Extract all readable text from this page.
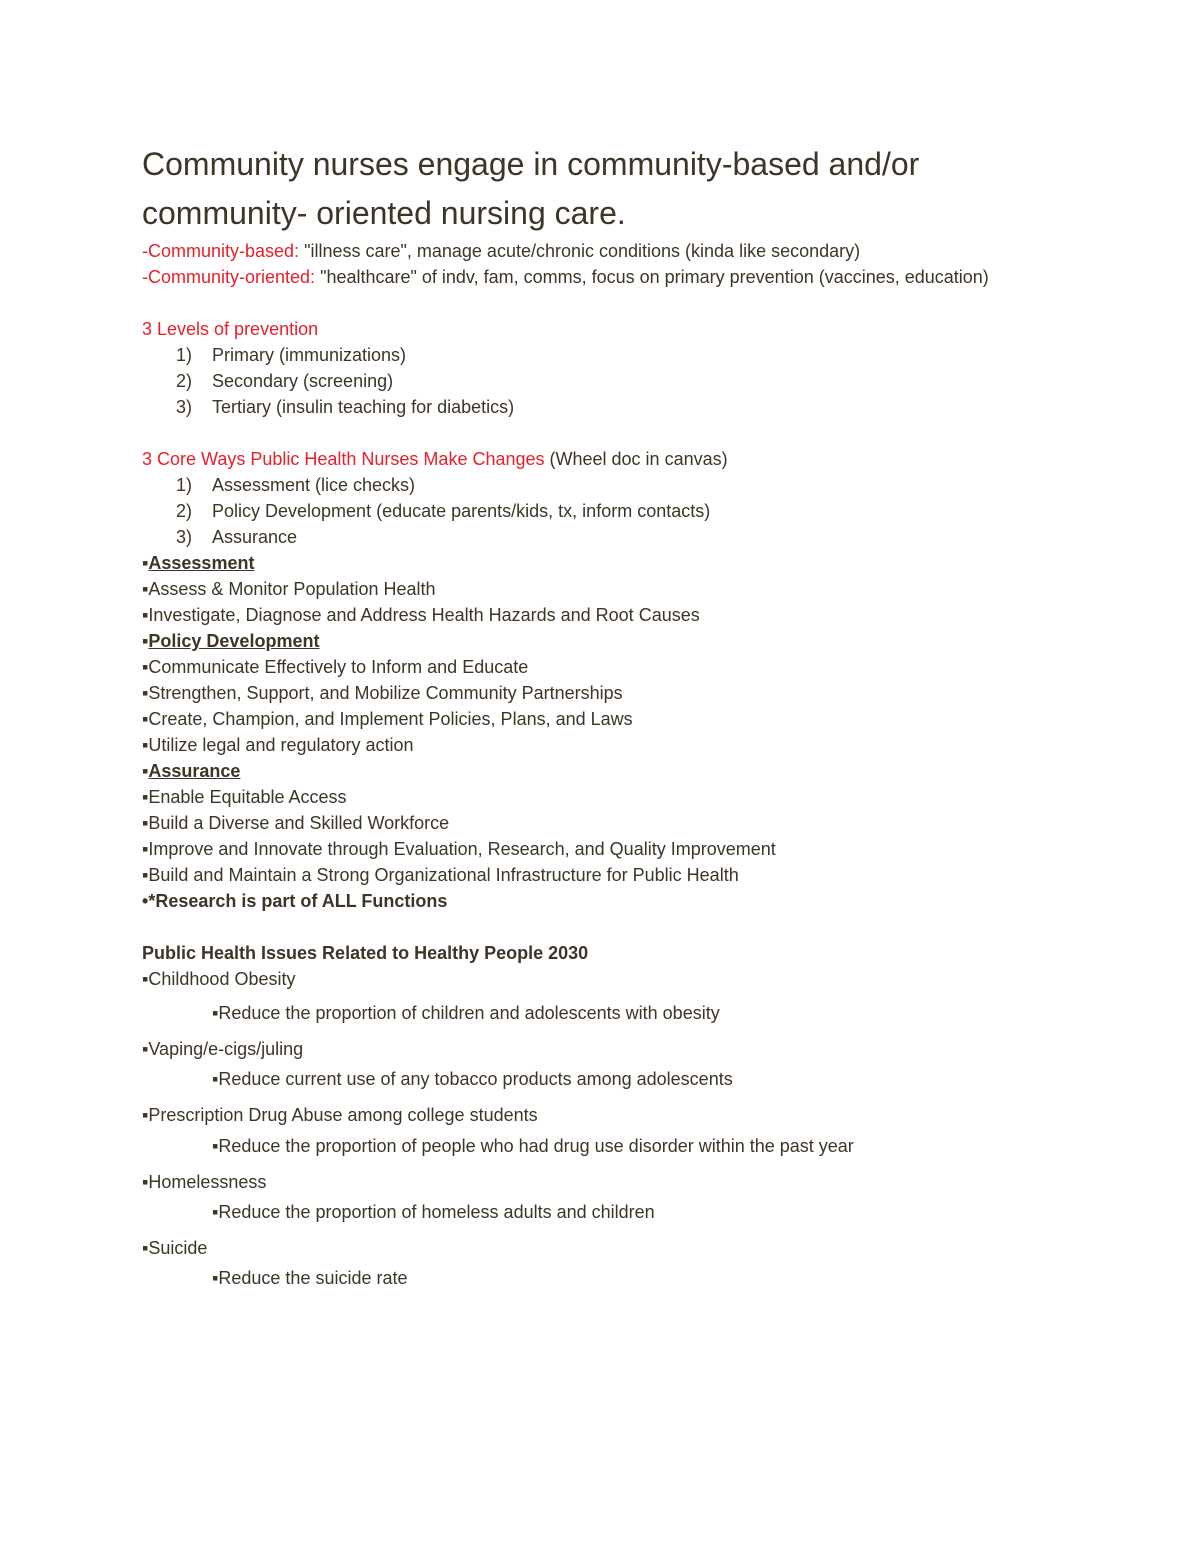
Community nurses engage in community-based and/or community- oriented nursing care.
-Community-based: "illness care", manage acute/chronic conditions (kinda like secondary)
-Community-oriented: "healthcare" of indv, fam, comms, focus on primary prevention (vaccines, education)
3 Levels of prevention
1) Primary (immunizations)
2) Secondary (screening)
3) Tertiary (insulin teaching for diabetics)
3 Core Ways Public Health Nurses Make Changes (Wheel doc in canvas)
1) Assessment (lice checks)
2) Policy Development (educate parents/kids, tx, inform contacts)
3) Assurance
▪Assessment
▪Assess & Monitor Population Health
▪Investigate, Diagnose and Address Health Hazards and Root Causes
▪Policy Development
▪Communicate Effectively to Inform and Educate
▪Strengthen, Support, and Mobilize Community Partnerships
▪Create, Champion, and Implement Policies, Plans, and Laws
▪Utilize legal and regulatory action
▪Assurance
▪Enable Equitable Access
▪Build a Diverse and Skilled Workforce
▪Improve and Innovate through Evaluation, Research, and Quality Improvement
▪Build and Maintain a Strong Organizational Infrastructure for Public Health
•*Research is part of ALL Functions
Public Health Issues Related to Healthy People 2030
▪Childhood Obesity
▪Reduce the proportion of children and adolescents with obesity
▪Vaping/e-cigs/juling
▪Reduce current use of any tobacco products among adolescents
▪Prescription Drug Abuse among college students
▪Reduce the proportion of people who had drug use disorder within the past year
▪Homelessness
▪Reduce the proportion of homeless adults and children
▪Suicide
▪Reduce the suicide rate
